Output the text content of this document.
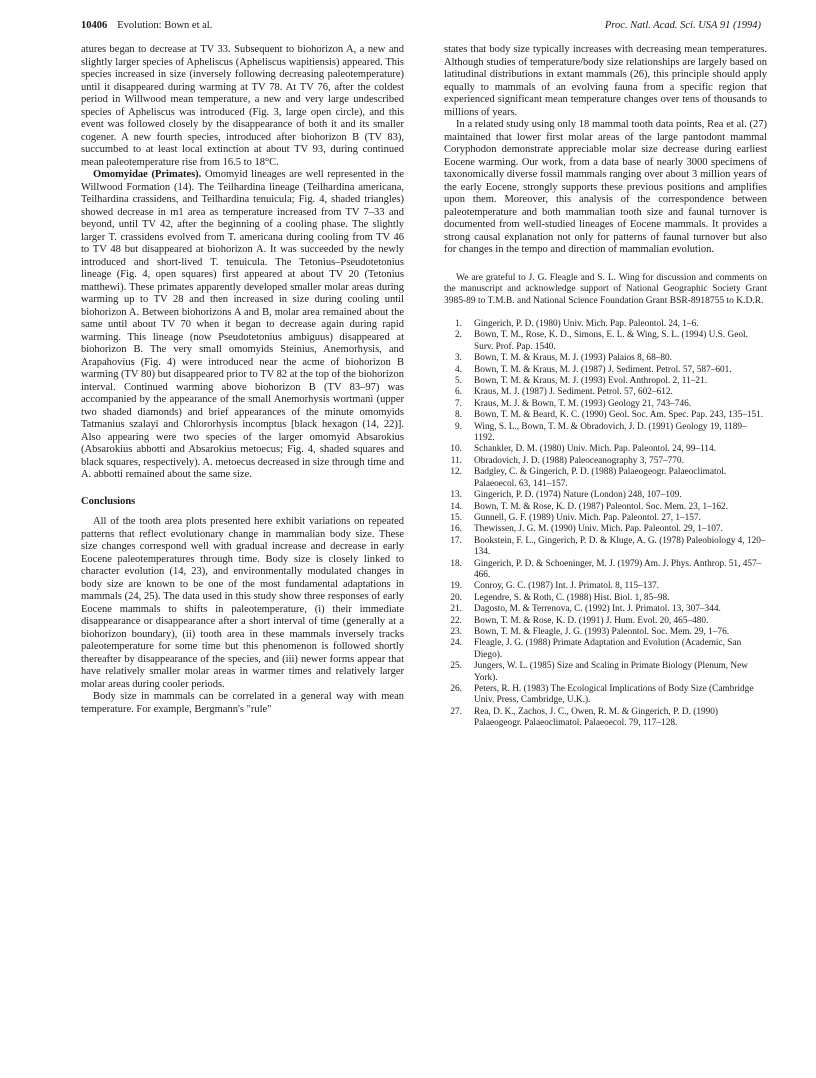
10406 Evolution: Bown et al.	Proc. Natl. Acad. Sci. USA 91 (1994)

atures began to decrease at TV 33. Subsequent to biohorizon A, a new and slightly larger species of Apheliscus (Apheliscus wapitiensis) appeared. This species increased in size (inversely following decreasing paleotemperature) until it disappeared during warming at TV 78. At TV 76, after the coldest period in Willwood mean temperature, a new and very large undescribed species of Apheliscus was introduced (Fig. 3, large open circle), and this event was followed closely by the disappearance of both it and its smaller cogener. A new fourth species, introduced after biohorizon B (TV 83), succumbed to at least local extinction at about TV 93, during continued mean paleotemperature rise from 16.5 to 18°C.

Omomyidae (Primates). Omomyid lineages are well represented in the Willwood Formation (14). The Teilhardina lineage (Teilhardina americana, Teilhardina crassidens, and Teilhardina tenuicula; Fig. 4, shaded triangles) showed decrease in m1 area as temperature increased from TV 7–33 and beyond, until TV 42, after the beginning of a cooling phase. The slightly larger T. crassidens evolved from T. americana during cooling from TV 46 to TV 48 but disappeared at biohorizon A. It was succeeded by the newly introduced and short-lived T. tenuicula. The Tetonius–Pseudotetonius lineage (Fig. 4, open squares) first appeared at about TV 20 (Tetonius matthewi). These primates apparently developed smaller molar areas during warming up to TV 28 and then increased in size during cooling until biohorizon A. Between biohorizons A and B, molar area remained about the same until about TV 70 when it began to decrease again during rapid warming. This lineage (now Pseudotetonius ambiguus) disappeared at biohorizon B. The very small omomyids Steinius, Anemorhysis, and Arapahovius (Fig. 4) were introduced near the acme of biohorizon B warming (TV 80) but disappeared prior to TV 82 at the top of the biohorizon interval. Continued warming above biohorizon B (TV 83–97) was accompanied by the appearance of the small Anemorhysis wortmani (upper two shaded diamonds) and brief appearances of the minute omomyids Tatmanius szalayi and Chlororhysis incomptus [black hexagon (14, 22)]. Also appearing were two species of the larger omomyid Absarokius (Absarokius abbotti and Absarokius metoecus; Fig. 4, shaded squares and black squares, respectively). A. metoecus decreased in size through time and A. abbotti remained about the same size.

Conclusions

All of the tooth area plots presented here exhibit variations on repeated patterns that reflect evolutionary change in mammalian body size. These size changes correspond well with gradual increase and decrease in early Eocene paleotemperatures through time. Body size is closely linked to character evolution (14, 23), and environmentally modulated changes in body size are known to be one of the most fundamental adaptations in mammals (24, 25). The data used in this study show three responses of early Eocene mammals to shifts in paleotemperature, (i) their immediate disappearance or disappearance after a short interval of time (generally at a biohorizon boundary), (ii) tooth area in these mammals inversely tracks paleotemperature for some time but this phenomenon is followed shortly thereafter by disappearance of the species, and (iii) newer forms appear that have relatively smaller molar areas in warmer times and relatively larger molar areas during cooler periods.

Body size in mammals can be correlated in a general way with mean temperature. For example, Bergmann's "rule"

states that body size typically increases with decreasing mean temperatures. Although studies of temperature/body size relationships are largely based on latitudinal distributions in extant mammals (26), this principle should apply equally to mammals of an evolving fauna from a specific region that experienced significant mean temperature changes over tens of thousands to millions of years.

In a related study using only 18 mammal tooth data points, Rea et al. (27) maintained that lower first molar areas of the large pantodont mammal Coryphodon demonstrate appreciable molar size decrease during earliest Eocene warming. Our work, from a data base of nearly 3000 specimens of taxonomically diverse fossil mammals ranging over about 3 million years of the early Eocene, strongly supports these previous positions and amplifies upon them. Moreover, this analysis of the correspondence between paleotemperature and both mammalian tooth size and faunal turnover is documented from well-studied lineages of Eocene mammals. It provides a strong causal explanation not only for patterns of faunal turnover but also for changes in the tempo and direction of mammalian evolution.

We are grateful to J. G. Fleagle and S. L. Wing for discussion and comments on the manuscript and acknowledge support of National Geographic Society Grant 3985-89 to T.M.B. and National Science Foundation Grant BSR-8918755 to K.D.R.

1. Gingerich, P. D. (1980) Univ. Mich. Pap. Paleontol. 24, 1–6.
2. Bown, T. M., Rose, K. D., Simons, E. L. & Wing, S. L. (1994) U.S. Geol. Surv. Prof. Pap. 1540.
3. Bown, T. M. & Kraus, M. J. (1993) Palaios 8, 68–80.
4. Bown, T. M. & Kraus, M. J. (1987) J. Sediment. Petrol. 57, 587–601.
5. Bown, T. M. & Kraus, M. J. (1993) Evol. Anthropol. 2, 11–21.
6. Kraus, M. J. (1987) J. Sediment. Petrol. 57, 602–612.
7. Kraus, M. J. & Bown, T. M. (1993) Geology 21, 743–746.
8. Bown, T. M. & Beard, K. C. (1990) Geol. Soc. Am. Spec. Pap. 243, 135–151.
9. Wing, S. L., Bown, T. M. & Obradovich, J. D. (1991) Geology 19, 1189–1192.
10. Schankler, D. M. (1980) Univ. Mich. Pap. Paleontol. 24, 99–114.
11. Obradovich, J. D. (1988) Paleoceanography 3, 757–770.
12. Badgley, C. & Gingerich, P. D. (1988) Palaeogeogr. Palaeoclimatol. Palaeoecol. 63, 141–157.
13. Gingerich, P. D. (1974) Nature (London) 248, 107–109.
14. Bown, T. M. & Rose, K. D. (1987) Paleontol. Soc. Mem. 23, 1–162.
15. Gunnell, G. F. (1989) Univ. Mich. Pap. Paleontol. 27, 1–157.
16. Thewissen, J. G. M. (1990) Univ. Mich. Pap. Paleontol. 29, 1–107.
17. Bookstein, F. L., Gingerich, P. D. & Kluge, A. G. (1978) Paleobiology 4, 120–134.
18. Gingerich, P. D. & Schoeninger, M. J. (1979) Am. J. Phys. Anthrop. 51, 457–466.
19. Conroy, G. C. (1987) Int. J. Primatol. 8, 115–137.
20. Legendre, S. & Roth, C. (1988) Hist. Biol. 1, 85–98.
21. Dagosto, M. & Terrenova, C. (1992) Int. J. Primatol. 13, 307–344.
22. Bown, T. M. & Rose, K. D. (1991) J. Hum. Evol. 20, 465–480.
23. Bown, T. M. & Fleagle, J. G. (1993) Paleontol. Soc. Mem. 29, 1–76.
24. Fleagle, J. G. (1988) Primate Adaptation and Evolution (Academic, San Diego).
25. Jungers, W. L. (1985) Size and Scaling in Primate Biology (Plenum, New York).
26. Peters, R. H. (1983) The Ecological Implications of Body Size (Cambridge Univ. Press, Cambridge, U.K.).
27. Rea, D. K., Zachos, J. C., Owen, R. M. & Gingerich, P. D. (1990) Palaeogeogr. Palaeoclimatol. Palaeoecol. 79, 117–128.
